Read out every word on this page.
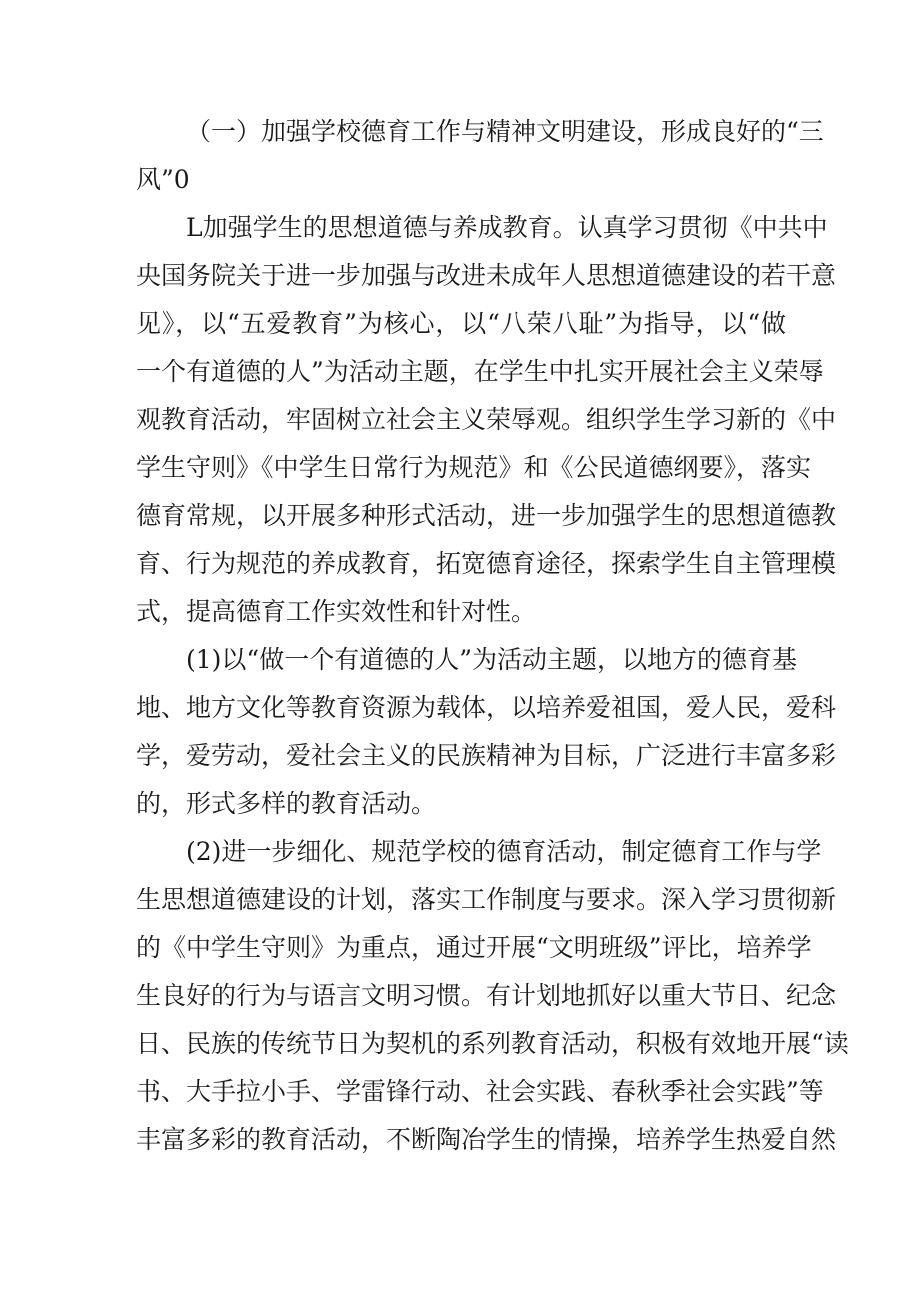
（一）加强学校德育工作与精神文明建设，形成良好的“三
风”0
L加强学生的思想道德与养成教育。认真学习贯彻《中共中
央国务院关于进一步加强与改进未成年人思想道德建设的若干意
见》，以“五爱教育”为核心，以“八荣八耻”为指导，以“做
一个有道德的人”为活动主题，在学生中扎实开展社会主义荣辱
观教育活动，牢固树立社会主义荣辱观。组织学生学习新的《中
学生守则》《中学生日常行为规范》和《公民道德纲要》，落实
德育常规，以开展多种形式活动，进一步加强学生的思想道德教
育、行为规范的养成教育，拓宽德育途径，探索学生自主管理模
式，提高德育工作实效性和针对性。
(1)以“做一个有道德的人”为活动主题，以地方的德育基
地、地方文化等教育资源为载体，以培养爱祖国，爱人民，爱科
学，爱劳动，爱社会主义的民族精神为目标，广泛进行丰富多彩
的，形式多样的教育活动。
(2)进一步细化、规范学校的德育活动，制定德育工作与学
生思想道德建设的计划，落实工作制度与要求。深入学习贯彻新
的《中学生守则》为重点，通过开展“文明班级”评比，培养学
生良好的行为与语言文明习惯。有计划地抓好以重大节日、纪念
日、民族的传统节日为契机的系列教育活动，积极有效地开展“读
书、大手拉小手、学雷锋行动、社会实践、春秋季社会实践”等
丰富多彩的教育活动，不断陶冶学生的情操，培养学生热爱自然
